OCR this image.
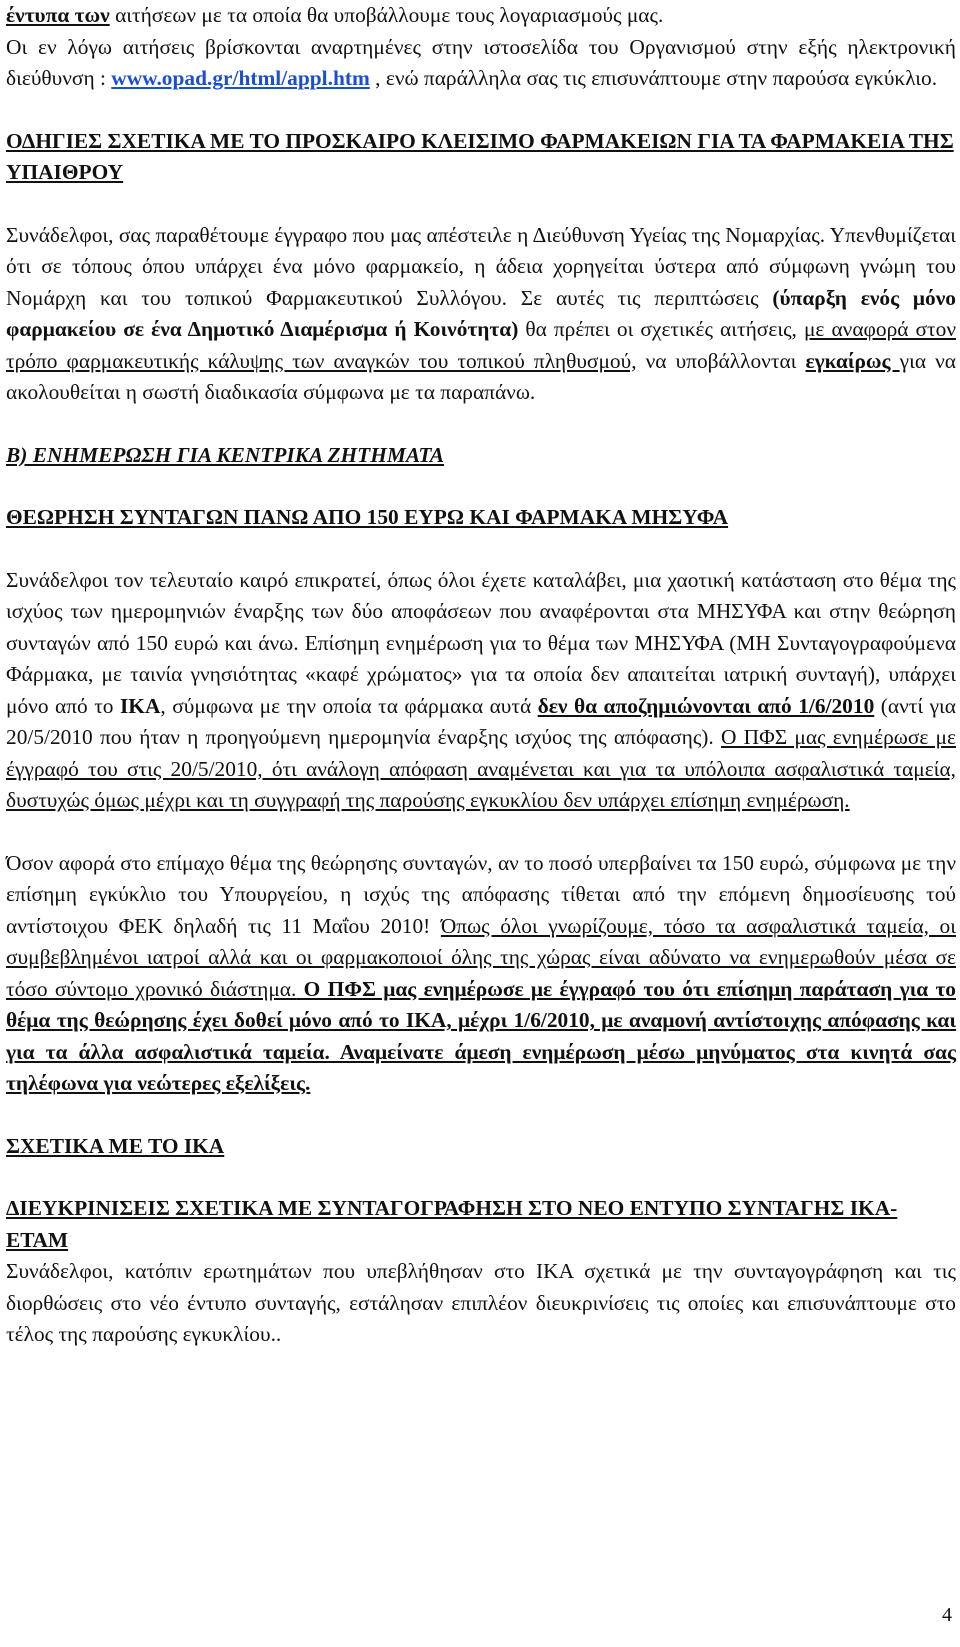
έντυπα των αιτήσεων με τα οποία θα υποβάλλουμε τους λογαριασμούς μας.

Οι εν λόγω αιτήσεις βρίσκονται αναρτημένες στην ιστοσελίδα του Οργανισμού στην εξής ηλεκτρονική διεύθυνση : www.opad.gr/html/appl.htm , ενώ παράλληλα σας τις επισυνάπτουμε στην παρούσα εγκύκλιο.

ΟΔΗΓΙΕΣ ΣΧΕΤΙΚΑ ΜΕ ΤΟ ΠΡΟΣΚΑΙΡΟ ΚΛΕΙΣΙΜΟ ΦΑΡΜΑΚΕΙΩΝ ΓΙΑ ΤΑ ΦΑΡΜΑΚΕΙΑ ΤΗΣ ΥΠΑΙΘΡΟΥ

Συνάδελφοι, σας παραθέτουμε έγγραφο που μας απέστειλε η Διεύθυνση Υγείας της Νομαρχίας. Υπενθυμίζεται ότι σε τόπους όπου υπάρχει ένα μόνο φαρμακείο, η άδεια χορηγείται ύστερα από σύμφωνη γνώμη του Νομάρχη και του τοπικού Φαρμακευτικού Συλλόγου. Σε αυτές τις περιπτώσεις (ύπαρξη ενός μόνο φαρμακείου σε ένα Δημοτικό Διαμέρισμα ή Κοινότητα) θα πρέπει οι σχετικές αιτήσεις, με αναφορά στον τρόπο φαρμακευτικής κάλυψης των αναγκών του τοπικού πληθυσμού, να υποβάλλονται εγκαίρως για να ακολουθείται η σωστή διαδικασία σύμφωνα με τα παραπάνω.

Β) ΕΝΗΜΕΡΩΣΗ ΓΙΑ ΚΕΝΤΡΙΚΑ ΖΗΤΗΜΑΤΑ

ΘΕΩΡΗΣΗ ΣΥΝΤΑΓΩΝ ΠΑΝΩ ΑΠΟ 150 ΕΥΡΩ ΚΑΙ ΦΑΡΜΑΚΑ ΜΗΣΥΦΑ

Συνάδελφοι τον τελευταίο καιρό επικρατεί, όπως όλοι έχετε καταλάβει, μια χαοτική κατάσταση στο θέμα της ισχύος των ημερομηνιών έναρξης των δύο αποφάσεων που αναφέρονται στα ΜΗΣΥΦΑ και στην θεώρηση συνταγών από 150 ευρώ και άνω. Επίσημη ενημέρωση για το θέμα των ΜΗΣΥΦΑ (ΜΗ Συνταγογραφούμενα Φάρμακα, με ταινία γνησιότητας «καφέ χρώματος» για τα οποία δεν απαιτείται ιατρική συνταγή), υπάρχει μόνο από το ΙΚΑ, σύμφωνα με την οποία τα φάρμακα αυτά δεν θα αποζημιώνονται από 1/6/2010 (αντί για 20/5/2010 που ήταν η προηγούμενη ημερομηνία έναρξης ισχύος της απόφασης). Ο ΠΦΣ μας ενημέρωσε με έγγραφό του στις 20/5/2010, ότι ανάλογη απόφαση αναμένεται και για τα υπόλοιπα ασφαλιστικά ταμεία, δυστυχώς όμως μέχρι και τη συγγραφή της παρούσης εγκυκλίου δεν υπάρχει επίσημη ενημέρωση.

Όσον αφορά στο επίμαχο θέμα της θεώρησης συνταγών, αν το ποσό υπερβαίνει τα 150 ευρώ, σύμφωνα με την επίσημη εγκύκλιο του Υπουργείου, η ισχύς της απόφασης τίθεται από την επόμενη δημοσίευσης τού αντίστοιχου ΦΕΚ δηλαδή τις 11 Μαΐου 2010! Όπως όλοι γνωρίζουμε, τόσο τα ασφαλιστικά ταμεία, οι συμβεβλημένοι ιατροί αλλά και οι φαρμακοποιοί όλης της χώρας είναι αδύνατο να ενημερωθούν μέσα σε τόσο σύντομο χρονικό διάστημα. Ο ΠΦΣ μας ενημέρωσε με έγγραφό του ότι επίσημη παράταση για το θέμα της θεώρησης έχει δοθεί μόνο από το ΙΚΑ, μέχρι 1/6/2010, με αναμονή αντίστοιχης απόφασης και για τα άλλα ασφαλιστικά ταμεία. Αναμείνατε άμεση ενημέρωση μέσω μηνύματος στα κινητά σας τηλέφωνα για νεώτερες εξελίξεις.

ΣΧΕΤΙΚΑ ΜΕ ΤΟ ΙΚΑ

ΔΙΕΥΚΡΙΝΙΣΕΙΣ ΣΧΕΤΙΚΑ ΜΕ ΣΥΝΤΑΓΟΓΡΑΦΗΣΗ ΣΤΟ ΝΕΟ ΕΝΤΥΠΟ ΣΥΝΤΑΓΗΣ ΙΚΑ-ΕΤΑΜ

Συνάδελφοι, κατόπιν ερωτημάτων που υπεβλήθησαν στο ΙΚΑ σχετικά με την συνταγογράφηση και τις διορθώσεις στο νέο έντυπο συνταγής, εστάλησαν επιπλέον διευκρινίσεις τις οποίες και επισυνάπτουμε στο τέλος της παρούσης εγκυκλίου..

4
